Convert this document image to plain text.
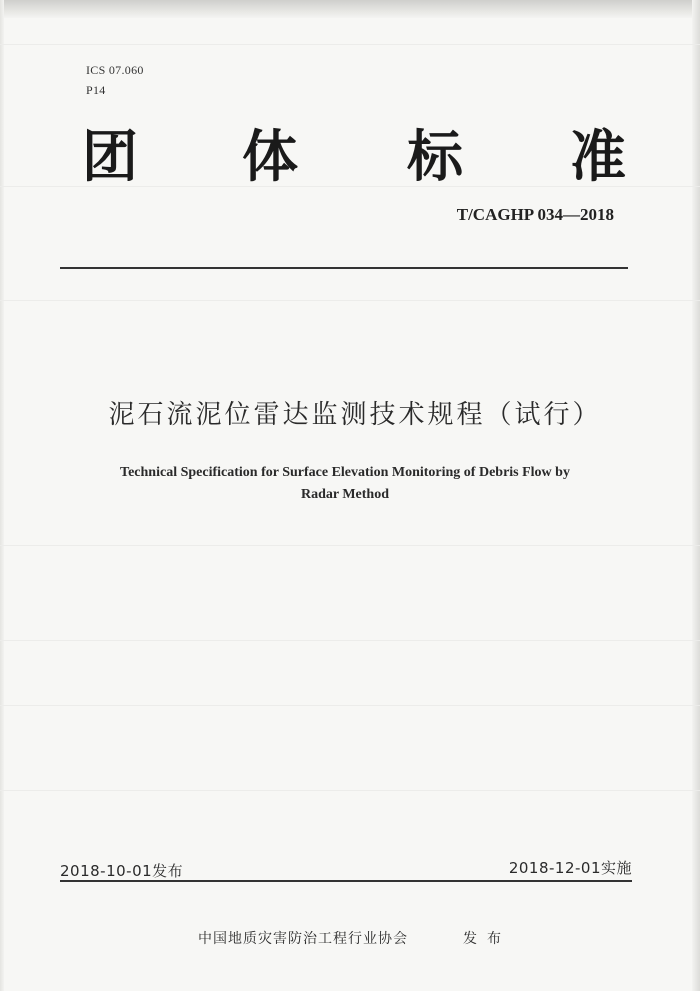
ICS 07.060
P14
团 体 标 准
T/CAGHP 034—2018
泥石流泥位雷达监测技术规程（试行）
Technical Specification for Surface Elevation Monitoring of Debris Flow by
Radar Method
2018-10-01发布	2018-12-01实施
中国地质灾害防治工程行业协会	发布
